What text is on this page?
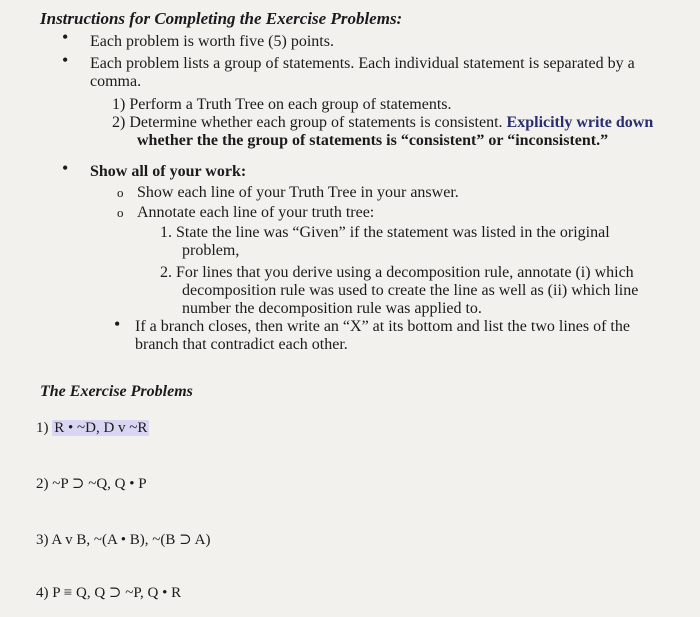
Instructions for Completing the Exercise Problems:
• Each problem is worth five (5) points.
• Each problem lists a group of statements. Each individual statement is separated by a
comma.
1) Perform a Truth Tree on each group of statements.
2) Determine whether each group of statements is consistent. Explicitly write down
whether the the group of statements is “consistent” or “inconsistent.”
• Show all of your work:
o Show each line of your Truth Tree in your answer.
o Annotate each line of your truth tree:
1. State the line was “Given” if the statement was listed in the original
problem,
2. For lines that you derive using a decomposition rule, annotate (i) which
decomposition rule was used to create the line as well as (ii) which line
number the decomposition rule was applied to.
• If a branch closes, then write an “X” at its bottom and list the two lines of the
branch that contradict each other.
The Exercise Problems
1) R • ~D, D v ~R
2) ~P ⊃ ~Q, Q • P
3) A v B, ~(A • B), ~(B ⊃ A)
4) P ≡ Q, Q ⊃ ~P, Q • R
